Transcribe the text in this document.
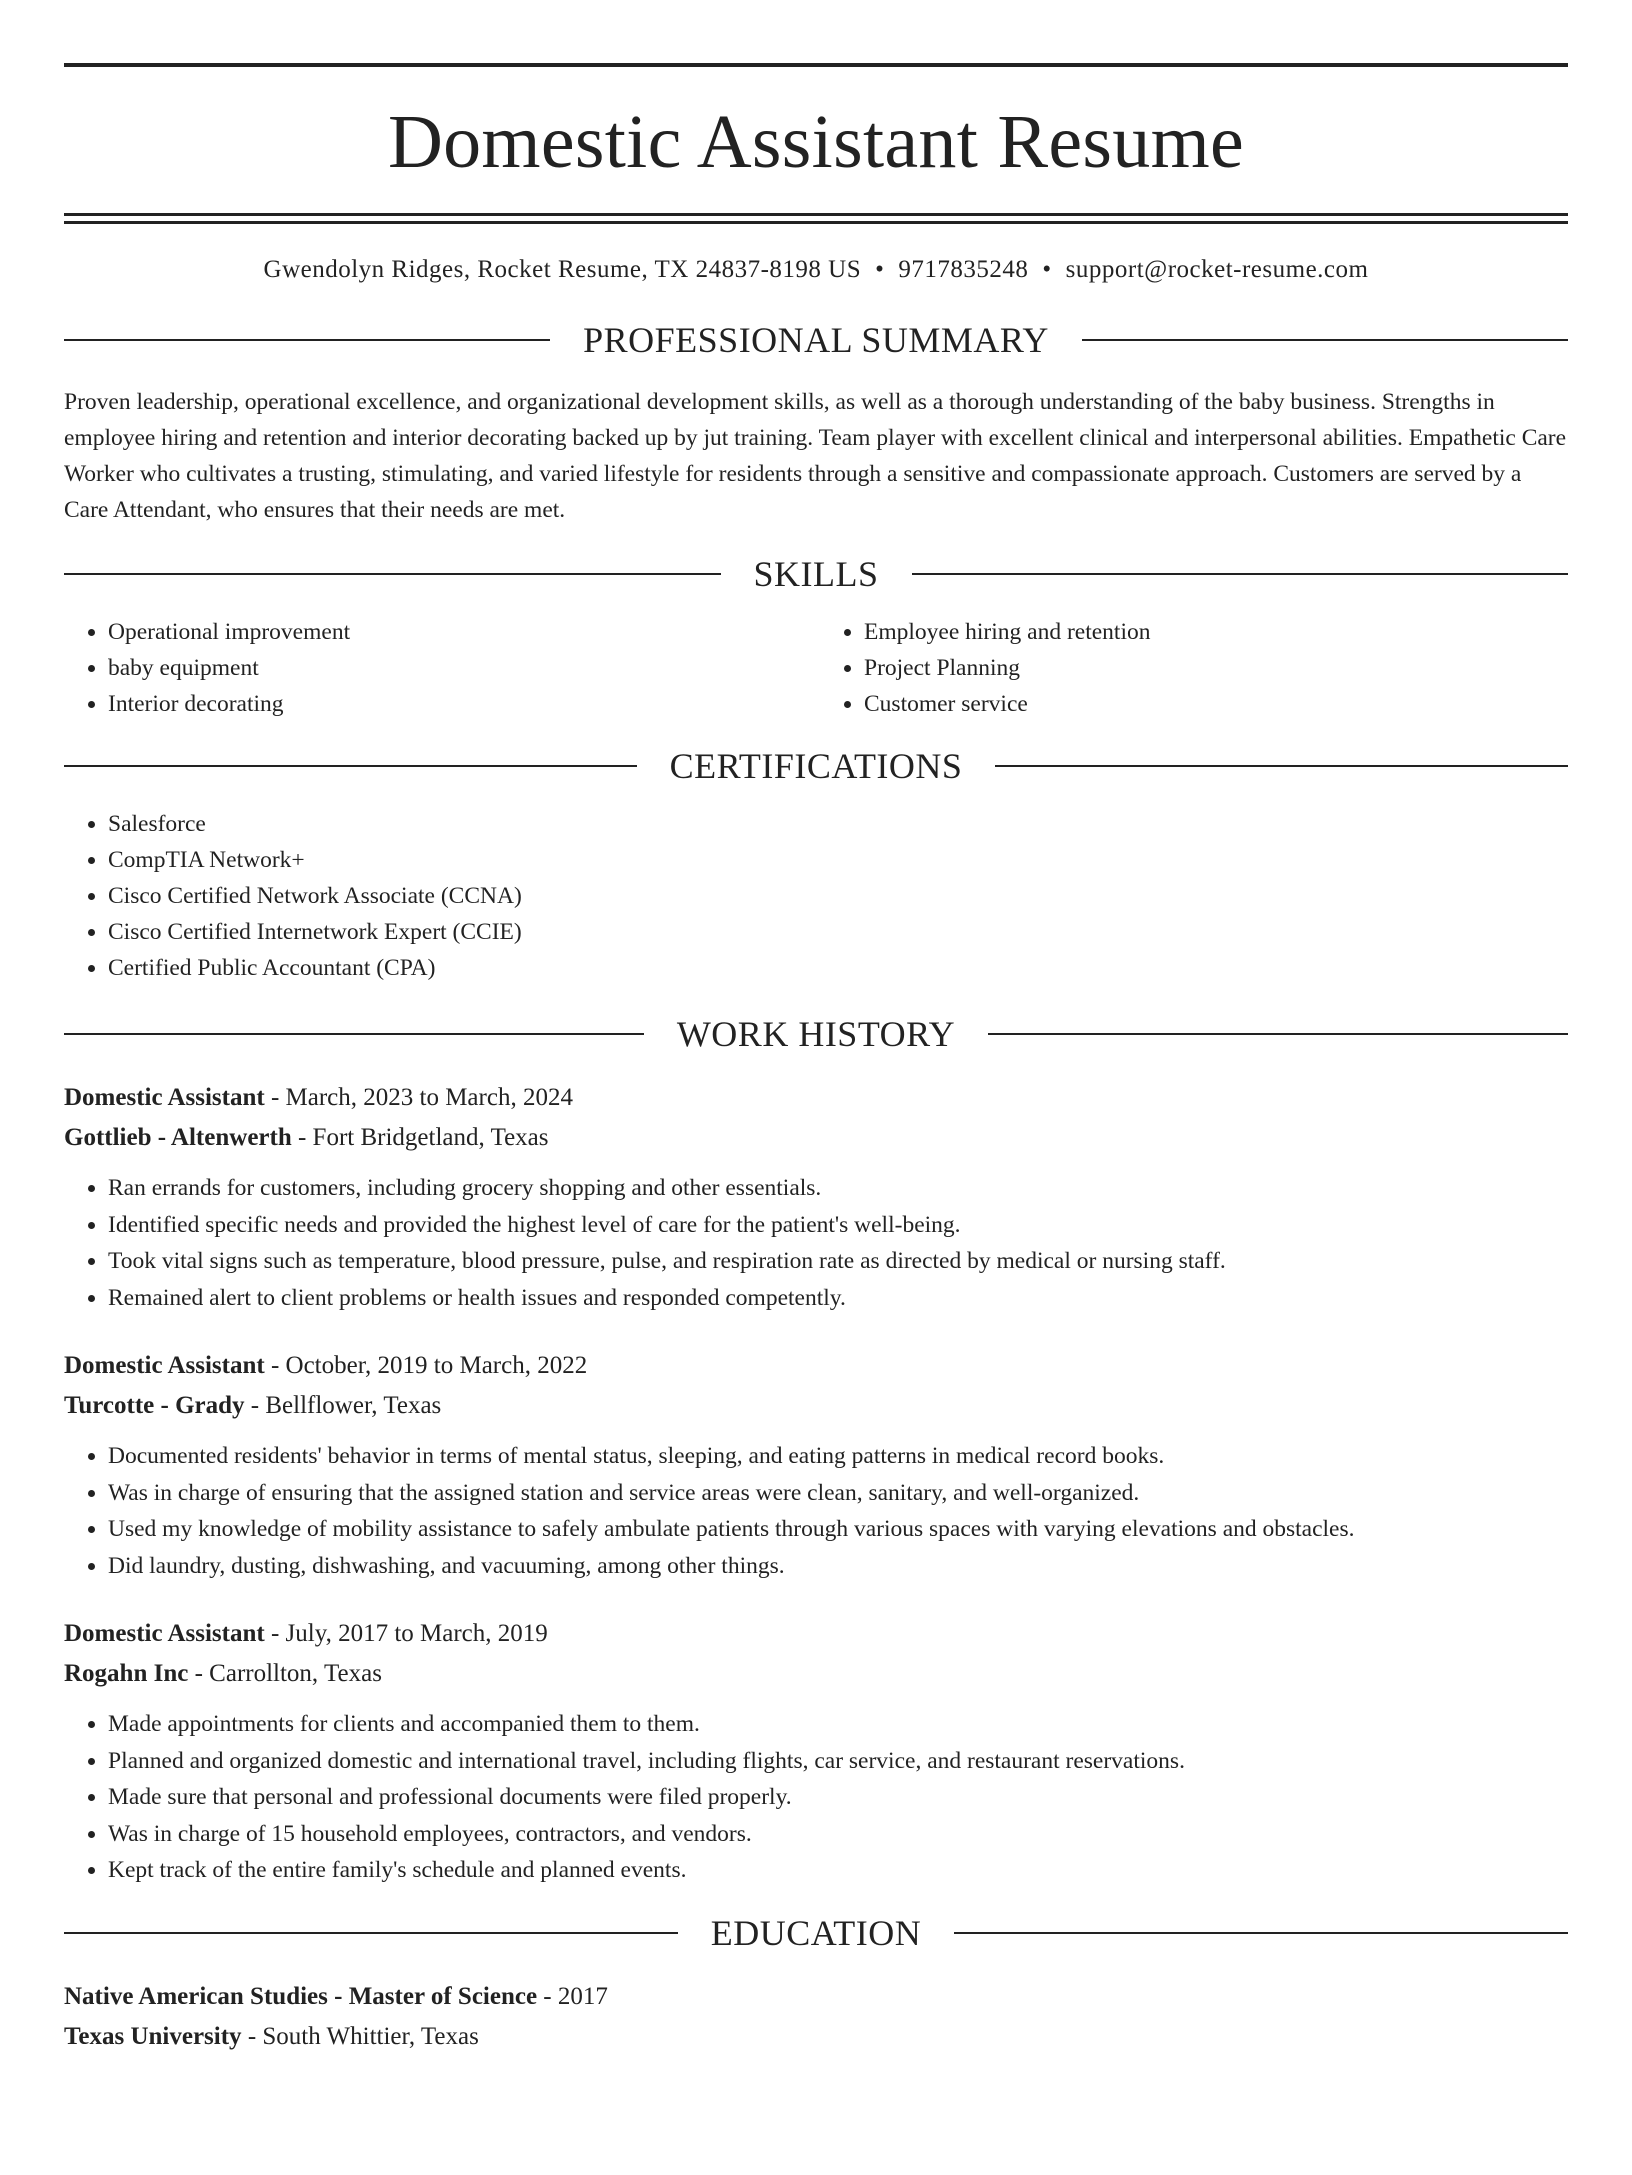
Domestic Assistant Resume
Gwendolyn Ridges, Rocket Resume, TX 24837-8198 US • 9717835248 • support@rocket-resume.com
PROFESSIONAL SUMMARY
Proven leadership, operational excellence, and organizational development skills, as well as a thorough understanding of the baby business. Strengths in employee hiring and retention and interior decorating backed up by jut training. Team player with excellent clinical and interpersonal abilities. Empathetic Care Worker who cultivates a trusting, stimulating, and varied lifestyle for residents through a sensitive and compassionate approach. Customers are served by a Care Attendant, who ensures that their needs are met.
SKILLS
• Operational improvement
• baby equipment
• Interior decorating
• Employee hiring and retention
• Project Planning
• Customer service
CERTIFICATIONS
• Salesforce
• CompTIA Network+
• Cisco Certified Network Associate (CCNA)
• Cisco Certified Internetwork Expert (CCIE)
• Certified Public Accountant (CPA)
WORK HISTORY
Domestic Assistant - March, 2023 to March, 2024
Gottlieb - Altenwerth - Fort Bridgetland, Texas
• Ran errands for customers, including grocery shopping and other essentials.
• Identified specific needs and provided the highest level of care for the patient's well-being.
• Took vital signs such as temperature, blood pressure, pulse, and respiration rate as directed by medical or nursing staff.
• Remained alert to client problems or health issues and responded competently.
Domestic Assistant - October, 2019 to March, 2022
Turcotte - Grady - Bellflower, Texas
• Documented residents' behavior in terms of mental status, sleeping, and eating patterns in medical record books.
• Was in charge of ensuring that the assigned station and service areas were clean, sanitary, and well-organized.
• Used my knowledge of mobility assistance to safely ambulate patients through various spaces with varying elevations and obstacles.
• Did laundry, dusting, dishwashing, and vacuuming, among other things.
Domestic Assistant - July, 2017 to March, 2019
Rogahn Inc - Carrollton, Texas
• Made appointments for clients and accompanied them to them.
• Planned and organized domestic and international travel, including flights, car service, and restaurant reservations.
• Made sure that personal and professional documents were filed properly.
• Was in charge of 15 household employees, contractors, and vendors.
• Kept track of the entire family's schedule and planned events.
EDUCATION
Native American Studies - Master of Science - 2017
Texas University - South Whittier, Texas
